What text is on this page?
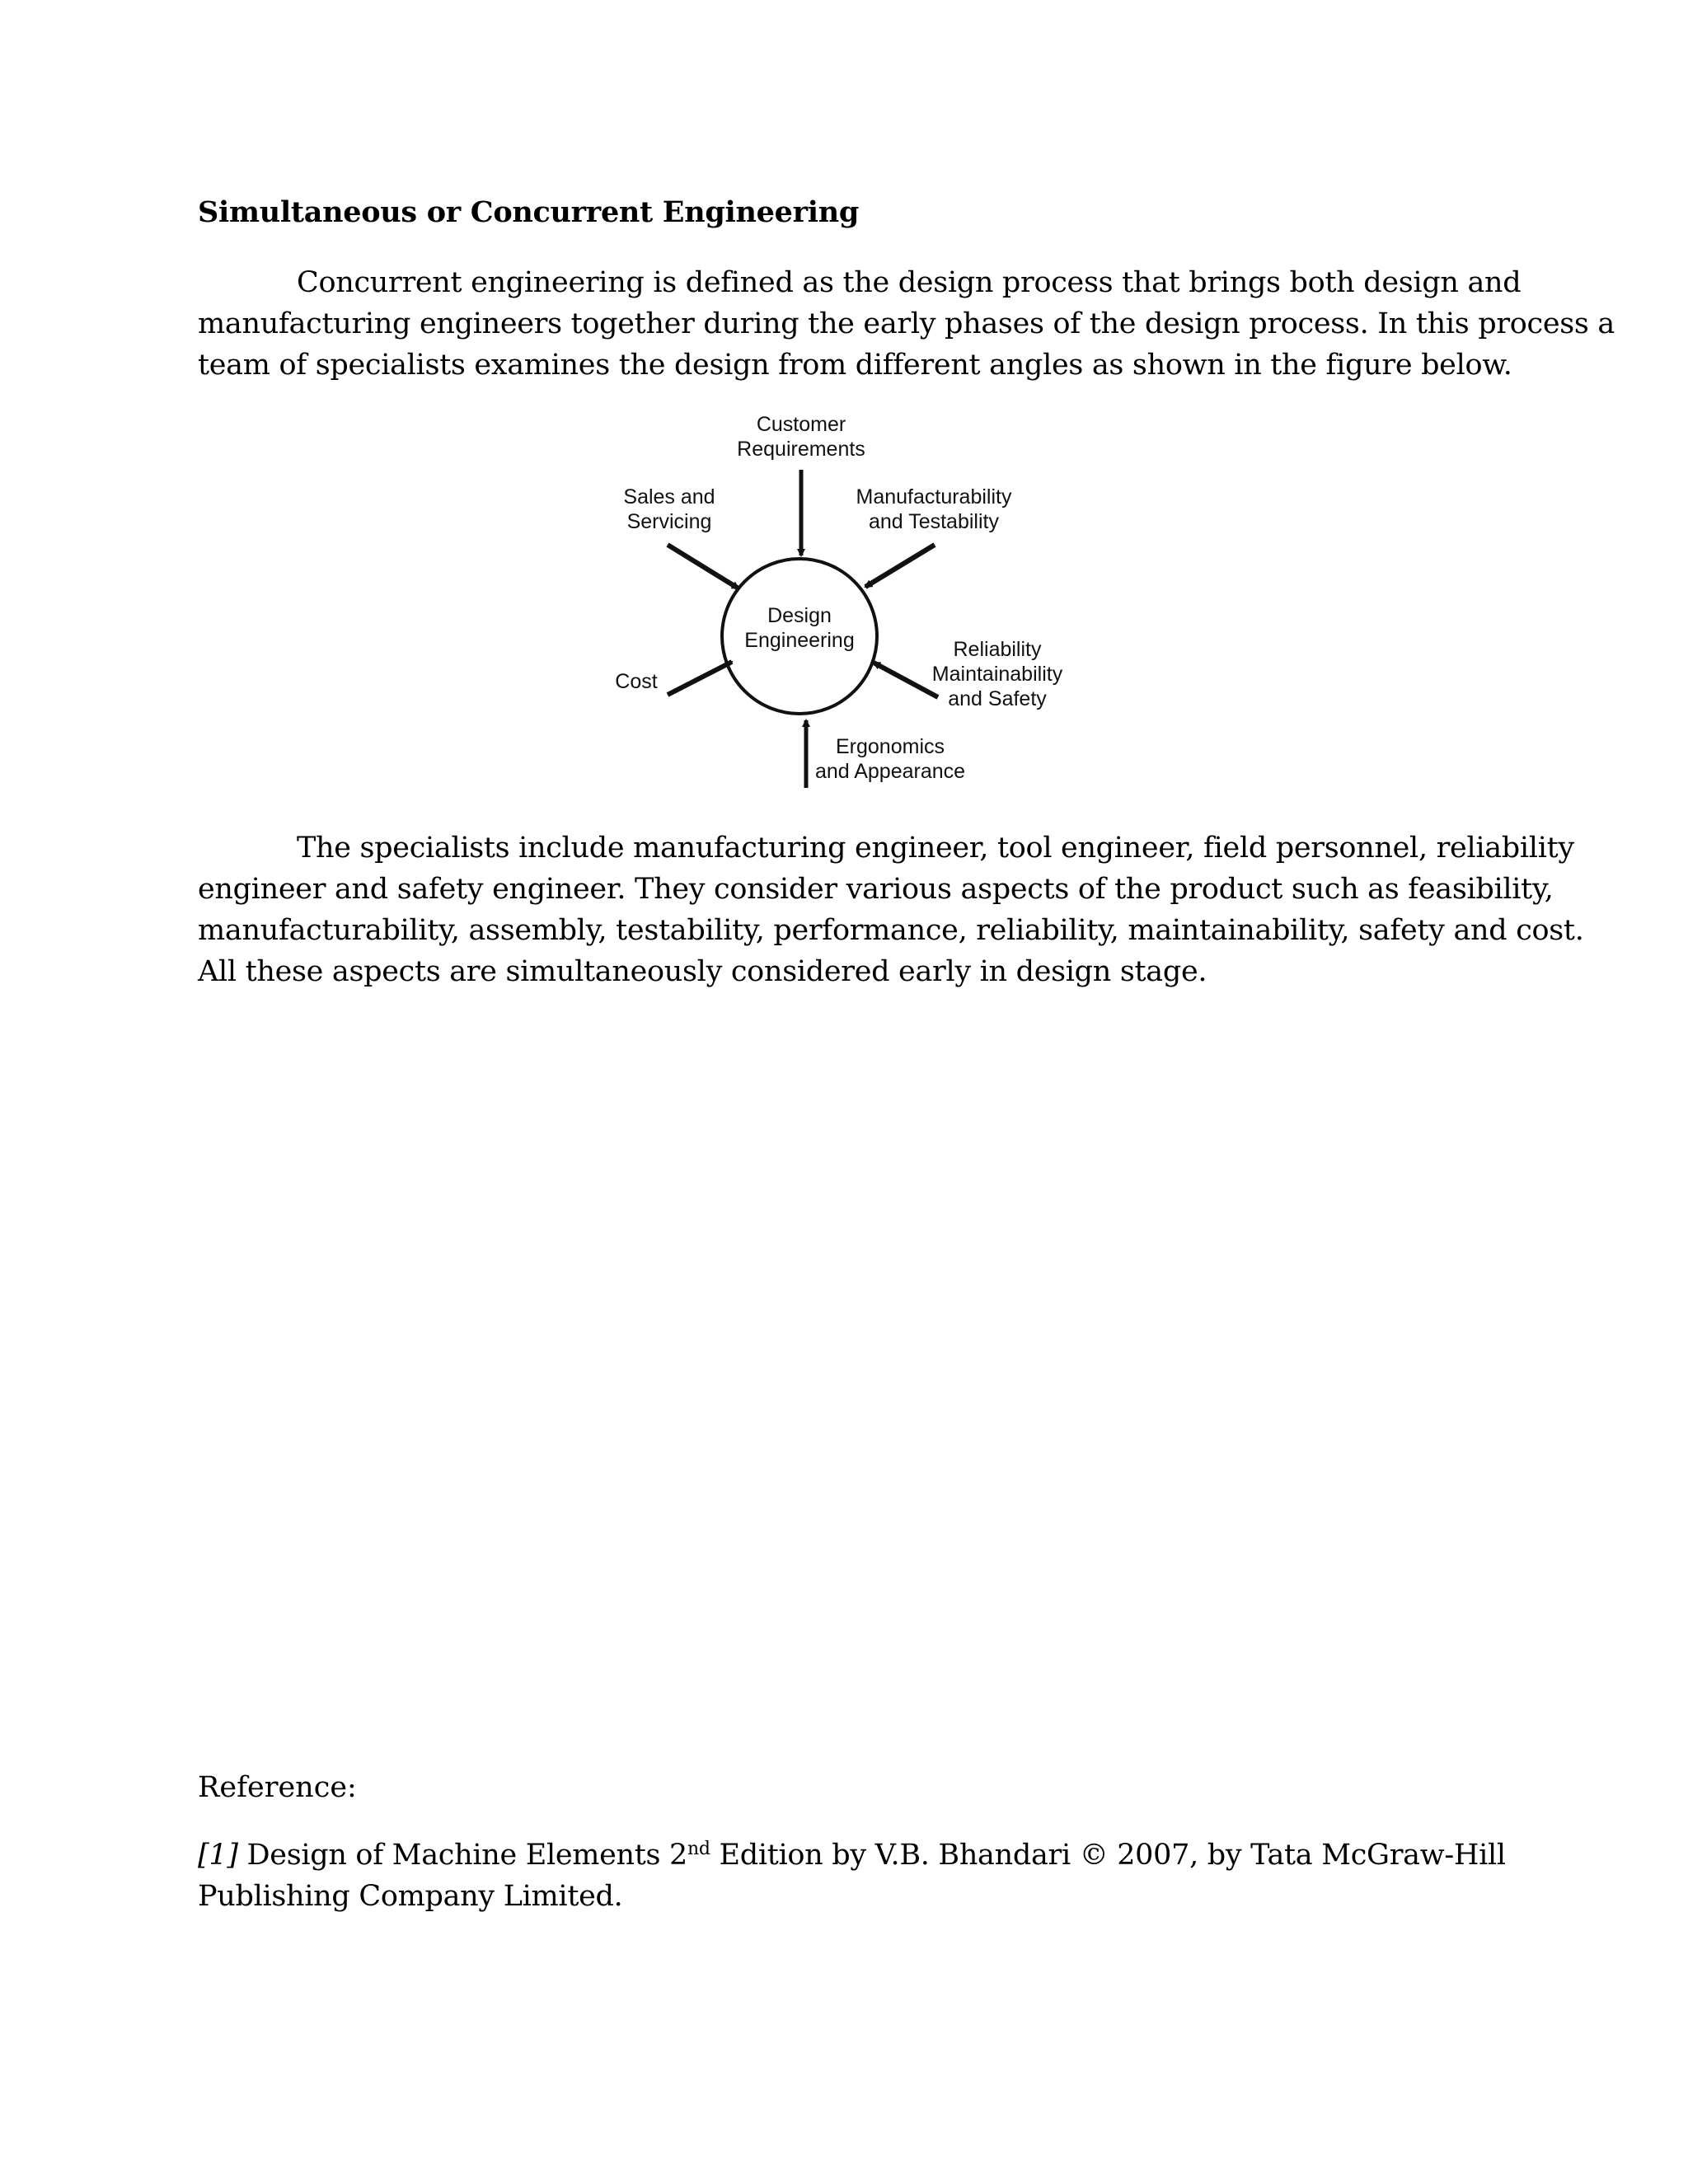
Simultaneous or Concurrent Engineering
Concurrent engineering is defined as the design process that brings both design and
manufacturing engineers together during the early phases of the design process. In this process a
team of specialists examines the design from different angles as shown in the figure below.
Design
Engineering
Customer
Requirements
Sales and
Servicing
Manufacturability
and Testability
Cost
Reliability
Maintainability
and Safety
Ergonomics
and Appearance
The specialists include manufacturing engineer, tool engineer, field personnel, reliability
engineer and safety engineer. They consider various aspects of the product such as feasibility,
manufacturability, assembly, testability, performance, reliability, maintainability, safety and cost.
All these aspects are simultaneously considered early in design stage.
Reference:
[1] Design of Machine Elements 2nd Edition by V.B. Bhandari © 2007, by Tata McGraw-Hill
Publishing Company Limited.
